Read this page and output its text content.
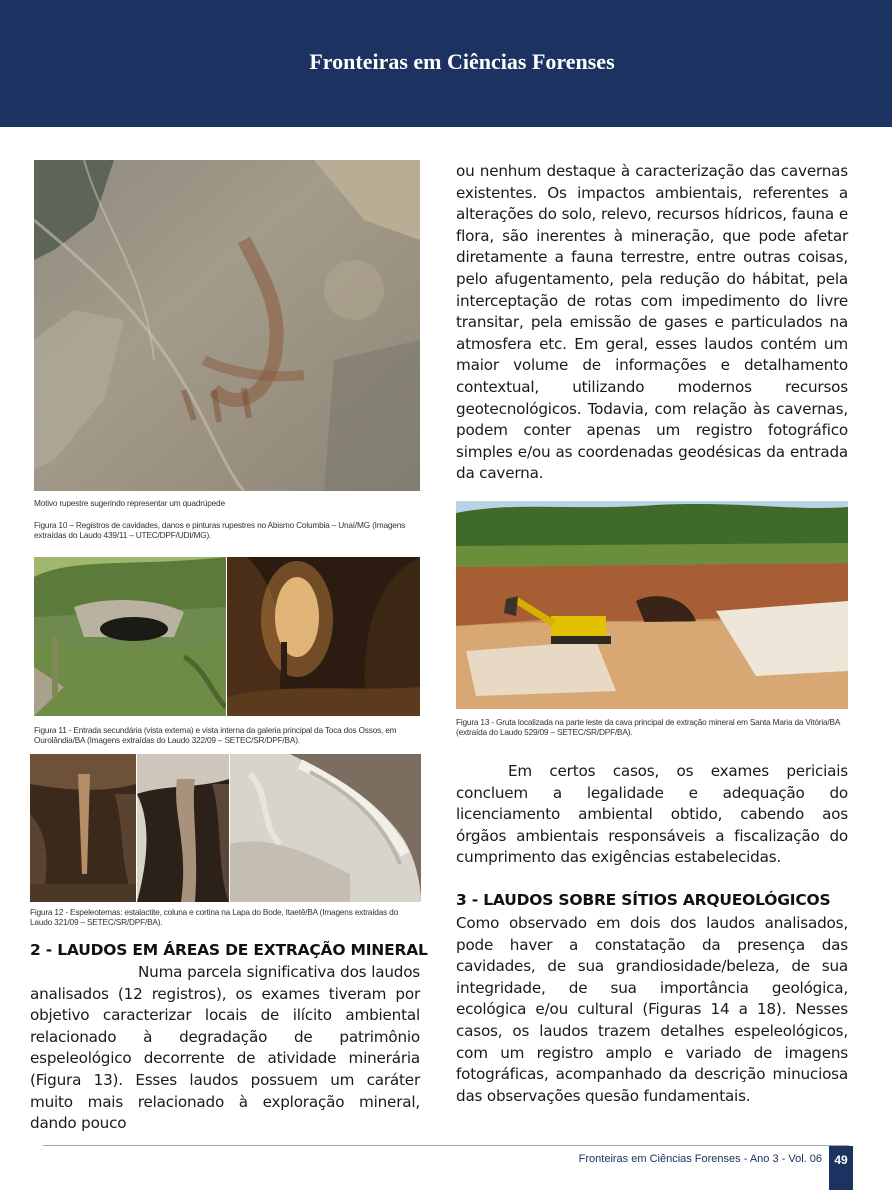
Fronteiras em Ciências Forenses
Motivo rupestre sugerindo representar um quadrúpede
Figura 10 – Registros de cavidades, danos e pinturas rupestres no Abismo Columbia – Unaí/MG (Imagens extraídas do Laudo 439/11 – UTEC/DPF/UDI/MG).
Figura 11 - Entrada secundária (vista externa) e vista interna da galeria principal da Toca dos Ossos, em Ourolândia/BA (Imagens extraídas do Laudo 322/09 – SETEC/SR/DPF/BA).
Figura 12 - Espeleotemas: estalactite, coluna e cortina na Lapa do Bode, Itaetê/BA (Imagens extraídas do Laudo 321/09 – SETEC/SR/DPF/BA).
2 - LAUDOS EM ÁREAS DE EXTRAÇÃO MINERAL

Numa parcela significativa dos laudos analisados (12 registros), os exames tiveram por objetivo caracterizar locais de ilícito ambiental relacionado à degradação de patrimônio espeleológico decorrente de atividade minerária (Figura 13). Esses laudos possuem um caráter muito mais relacionado à exploração mineral, dando pouco

ou nenhum destaque à caracterização das cavernas existentes. Os impactos ambientais, referentes a alterações do solo, relevo, recursos hídricos, fauna e flora, são inerentes à mineração, que pode afetar diretamente a fauna terrestre, entre outras coisas, pelo afugentamento, pela redução do hábitat, pela interceptação de rotas com impedimento do livre transitar, pela emissão de gases e particulados na atmosfera etc. Em geral, esses laudos contém um maior volume de informações e detalhamento contextual, utilizando modernos recursos geotecnológicos. Todavia, com relação às cavernas, podem conter apenas um registro fotográfico simples e/ou as coordenadas geodésicas da entrada da caverna.

Figura 13 - Gruta localizada na parte leste da cava principal de extração mineral em Santa Maria da Vitória/BA (extraída do Laudo 529/09 – SETEC/SR/DPF/BA).

Em certos casos, os exames periciais concluem a legalidade e adequação do licenciamento ambiental obtido, cabendo aos órgãos ambientais responsáveis a fiscalização do cumprimento das exigências estabelecidas.

3 - LAUDOS SOBRE SÍTIOS ARQUEOLÓGICOS

Como observado em dois dos laudos analisados, pode haver a constatação da presença das cavidades, de sua grandiosidade/beleza, de sua integridade, de sua importância geológica, ecológica e/ou cultural (Figuras 14 a 18). Nesses casos, os laudos trazem detalhes espeleológicos, com um registro amplo e variado de imagens fotográficas, acompanhado da descrição minuciosa das observações quesão fundamentais.

Fronteiras em Ciências Forenses - Ano 3 - Vol. 06	49
